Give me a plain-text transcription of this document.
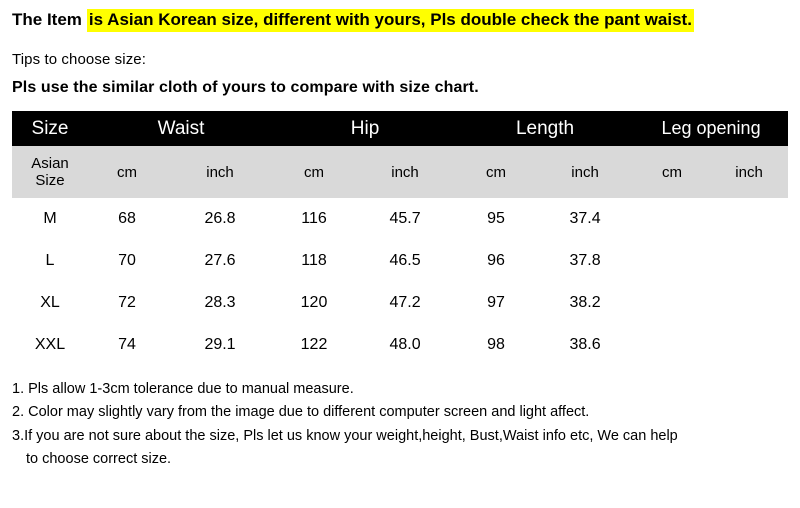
The Item is Asian Korean size, different with yours, Pls double check the pant waist.
Tips to choose size:
Pls use the similar cloth of yours to compare with size chart.
Size	Waist		Hip		Length		Leg opening	

Asian
Size	cm	inch	cm	inch	cm	inch	cm	inch
M	68	26.8	116	45.7	95	37.4		
L	70	27.6	118	46.5	96	37.8		
XL	72	28.3	120	47.2	97	38.2		
XXL	74	29.1	122	48.0	98	38.6		
1. Pls allow 1-3cm tolerance due to manual measure.
2. Color may slightly vary from the image due to different computer screen and light affect.
3.If you are not sure about the size, Pls let us know your weight,height, Bust,Waist info etc, We can help
to choose correct size.
